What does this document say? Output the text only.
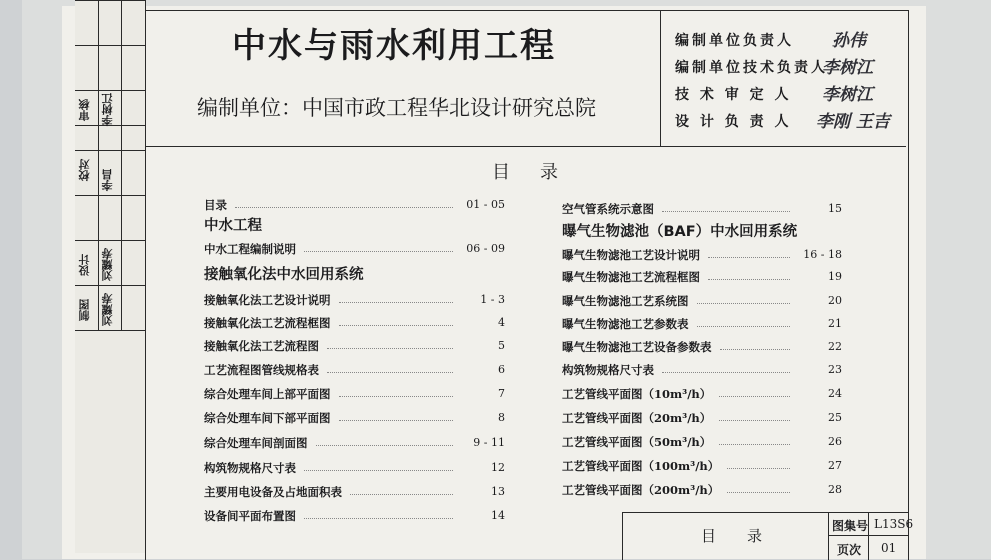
制图 刘耀寿
设计 刘耀寿
校对 李昌
审核 李树江
中水与雨水利用工程
编制单位：中国市政工程华北设计研究总院
编制单位负责人 孙伟
编制单位技术负责人
李树江
技 术 审 定 人 李树江
设 计 负 责 人 李刚 王吉
目录
目录	01 - 05
中水工程
中水工程编制说明	06 - 09
接触氧化法中水回用系统
接触氧化法工艺设计说明	1 - 3
接触氧化法工艺流程框图	4
接触氧化法工艺流程图	5
工艺流程图管线规格表	6
综合处理车间上部平面图	7
综合处理车间下部平面图	8
综合处理车间剖面图	9 - 11
构筑物规格尺寸表	12
主要用电设备及占地面积表	13
设备间平面布置图	14
空气管系统示意图	15
曝气生物滤池（BAF）中水回用系统
曝气生物滤池工艺设计说明	16 - 18
曝气生物滤池工艺流程框图	19
曝气生物滤池工艺系统图	20
曝气生物滤池工艺参数表	21
曝气生物滤池工艺设备参数表	22
构筑物规格尺寸表	23
工艺管线平面图（10m³/h）	24
工艺管线平面图（20m³/h）	25
工艺管线平面图（50m³/h）	26
工艺管线平面图（100m³/h）	27
工艺管线平面图（200m³/h）	28
目　录
图集号 L13S6
页次 01
